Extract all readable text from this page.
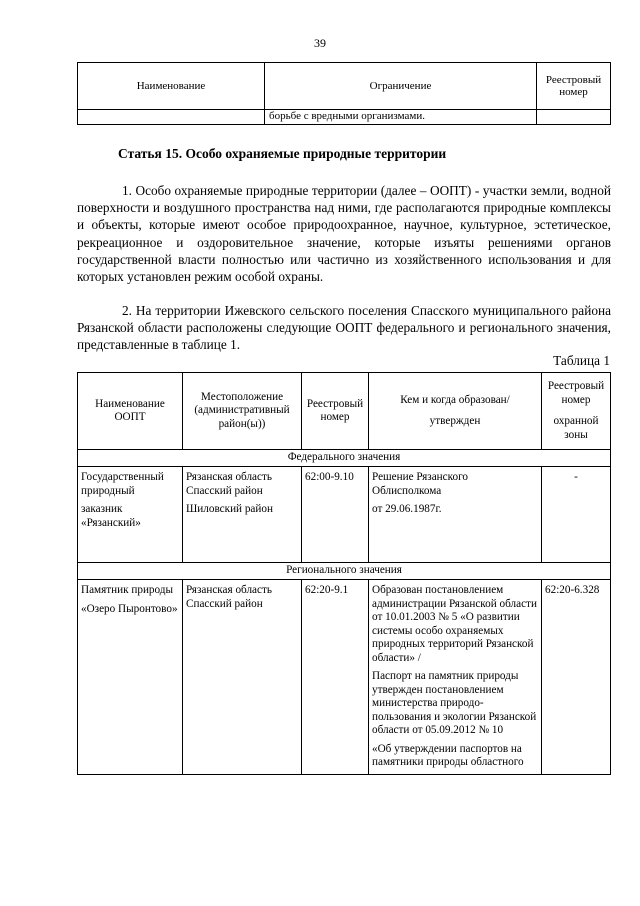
39
Наименование	Ограничение	Реестровый номер
	борьбе с вредными организмами.	
Статья 15. Особо охраняемые природные территории

1. Особо охраняемые природные территории (далее – ООПТ) - участки земли, водной поверхности и воздушного пространства над ними, где располагаются природные комплексы и объекты, которые имеют особое природоохранное, научное, культурное, эстетическое, рекреационное и оздоровительное значение, которые изъяты решениями органов государственной власти полностью или частично из хозяйственного использования и для которых установлен режим особой охраны.

2. На территории Ижевского сельского поселения Спасского муниципального района Рязанской области расположены следующие ООПТ федерального и регионального значения, представленные в таблице 1.

Таблица 1
Наименование
ООПТ	Местоположение (административный район(ы))	Реестровый номер	Кем и когда образован/
утвержден	Реестровый номер
охранной зоны

Федерального значения				

Государственный природный
заказник «Рязанский»	Рязанская область Спасский район
Шиловский район	62:00-9.10	Решение Рязанского Облисполкома
от 29.06.1987г.	-
Регионального значения				

Памятник природы
«Озеро Пыронтово»	Рязанская область Спасский район	62:20-9.1	Образован постановлением администрации Рязанской области от 10.01.2003 № 5 «О развитии системы особо охраняемых природных территорий Рязанской области» /
Паспорт на памятник природы утвержден постановлением министерства природо-пользования и экологии Рязанской области от 05.09.2012 № 10
«Об утверждении паспортов на памятники природы областного	62:20-6.328
